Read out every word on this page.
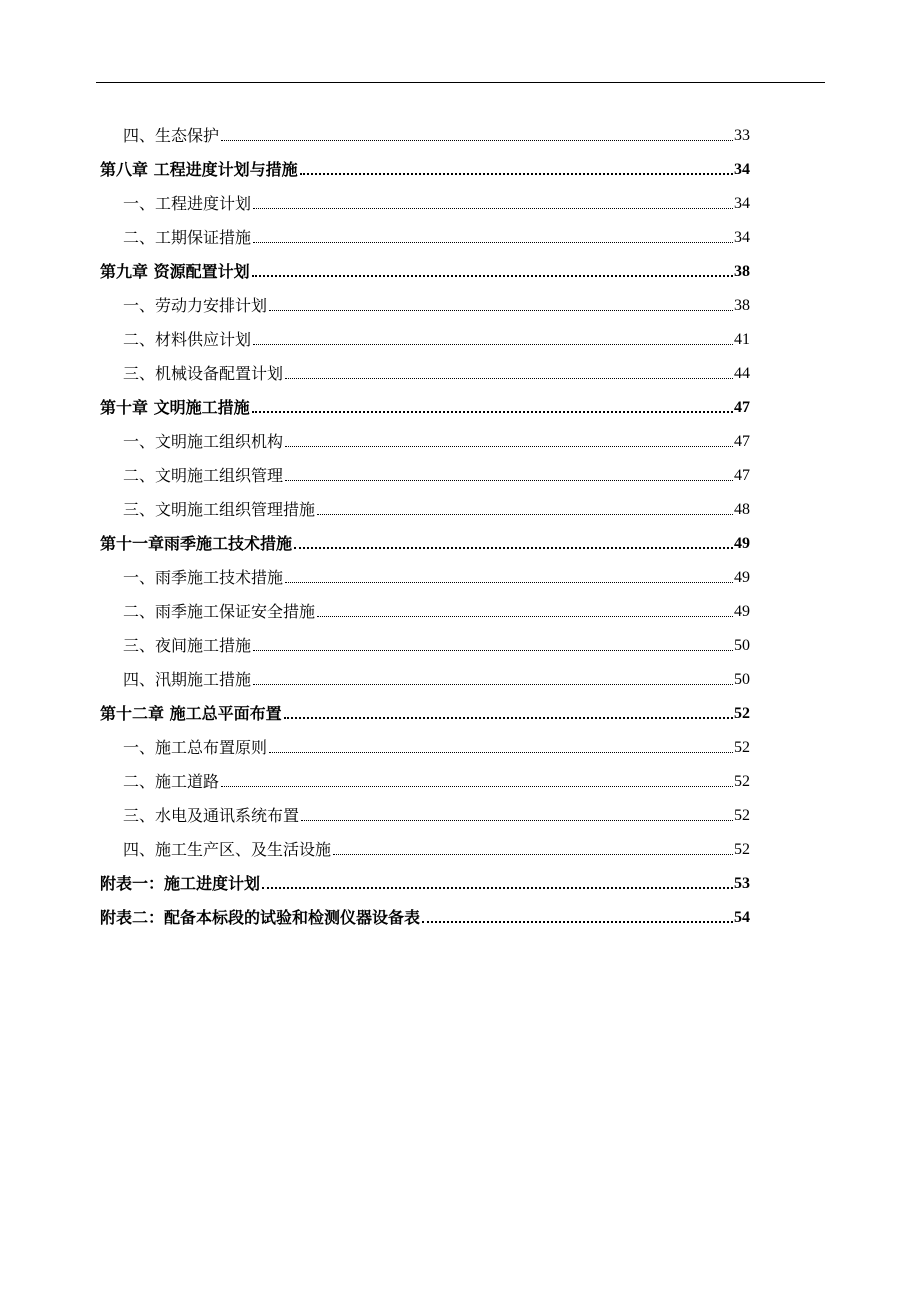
四、生态保护	33
第八章 工程进度计划与措施	34
一、工程进度计划	34
二、工期保证措施	34
第九章 资源配置计划	38
一、劳动力安排计划	38
二、材料供应计划	41
三、机械设备配置计划	44
第十章 文明施工措施	47
一、文明施工组织机构	47
二、文明施工组织管理	47
三、文明施工组织管理措施	48
第十一章雨季施工技术措施	49
一、雨季施工技术措施	49
二、雨季施工保证安全措施	49
三、夜间施工措施	50
四、汛期施工措施	50
第十二章 施工总平面布置	52
一、施工总布置原则	52
二、施工道路	52
三、水电及通讯系统布置	52
四、施工生产区、及生活设施	52
附表一：施工进度计划	53
附表二：配备本标段的试验和检测仪器设备表	54
